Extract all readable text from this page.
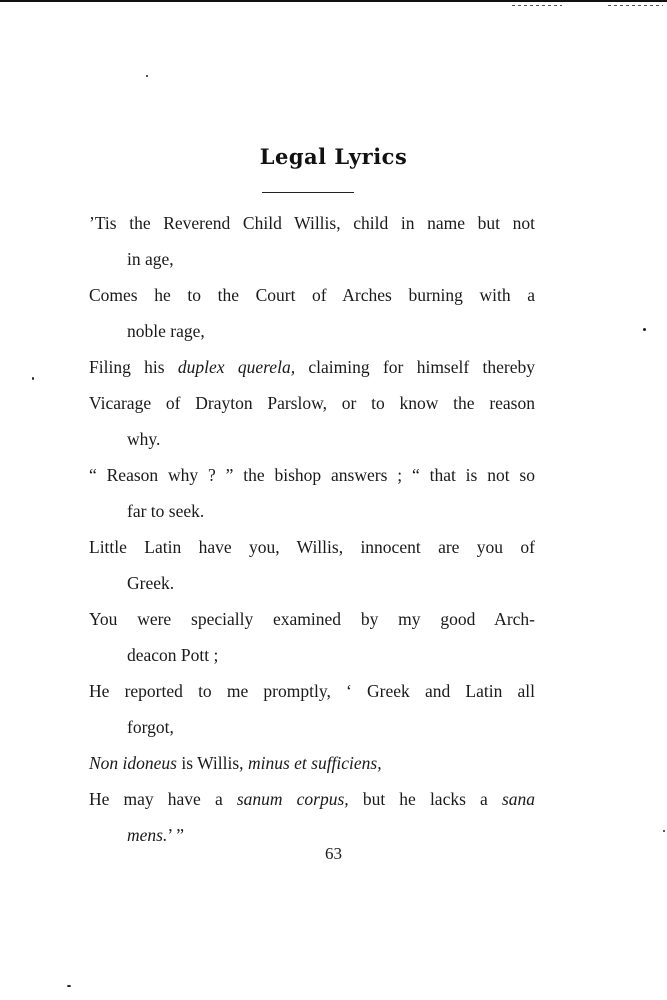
Legal Lyrics
’Tis the Reverend Child Willis, child in name but not
in age,
Comes he to the Court of Arches burning with a
noble rage,
Filing his duplex querela, claiming for himself thereby
Vicarage of Drayton Parslow, or to know the reason
why.
“ Reason why ? ” the bishop answers ; “ that is not so
far to seek.
Little Latin have you, Willis, innocent are you of
Greek.
You were specially examined by my good Arch-
deacon Pott ;
He reported to me promptly, ‘ Greek and Latin all
forgot,
Non idoneus is Willis, minus et sufficiens,
He may have a sanum corpus, but he lacks a sana
mens.’ ”
63
